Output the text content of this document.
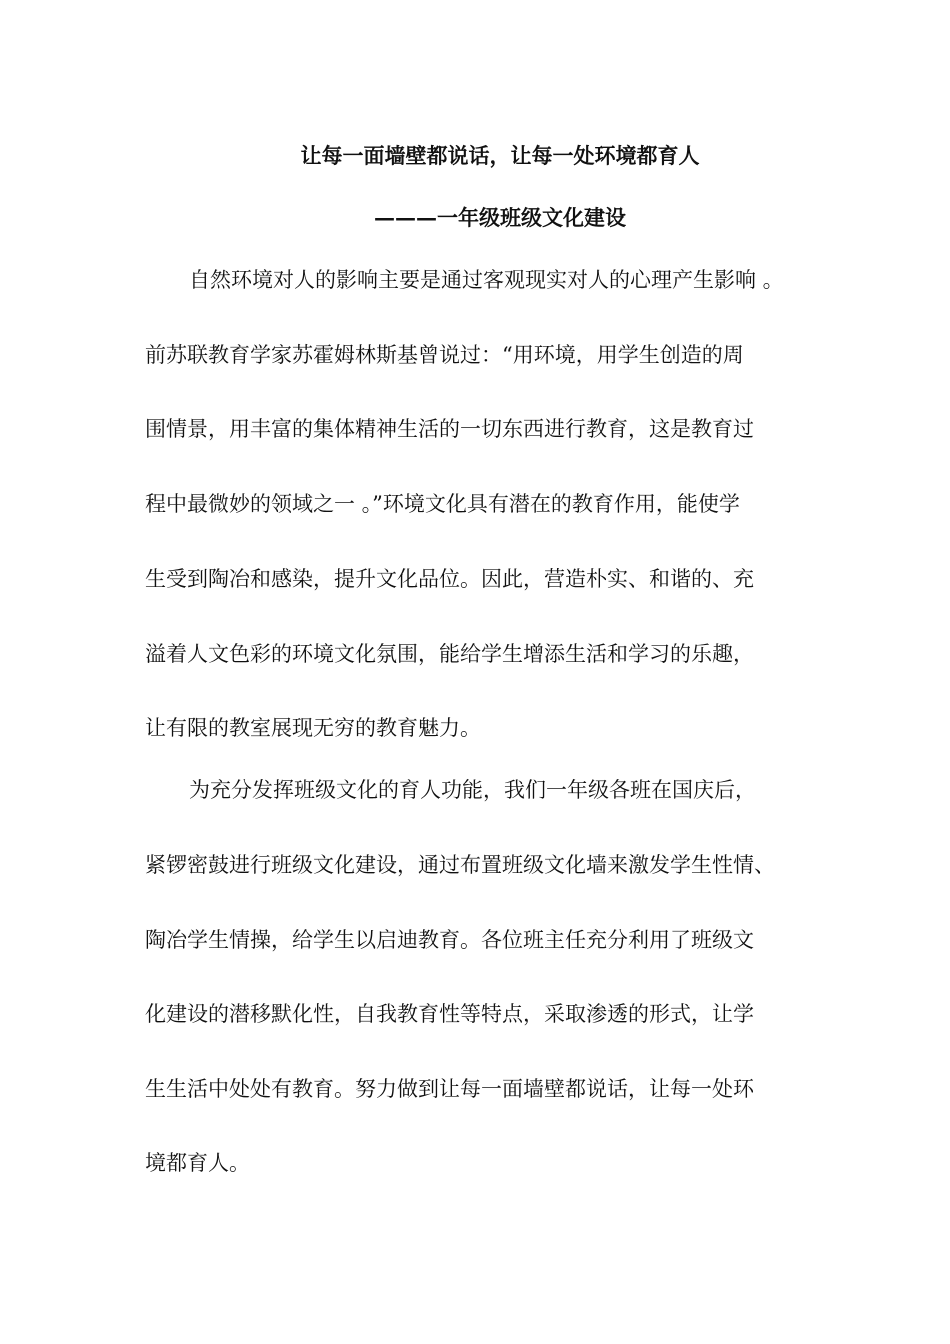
让每一面墙壁都说话，让每一处环境都育人
———一年级班级文化建设

自然环境对人的影响主要是通过客观现实对人的心理产生影响 。

前苏联教育学家苏霍姆林斯基曾说过：“用环境，用学生创造的周

围情景，用丰富的集体精神生活的一切东西进行教育，这是教育过

程中最微妙的领域之一 。”环境文化具有潜在的教育作用，能使学

生受到陶冶和感染，提升文化品位。因此，营造朴实、和谐的、充

溢着人文色彩的环境文化氛围，能给学生增添生活和学习的乐趣，

让有限的教室展现无穷的教育魅力。

为充分发挥班级文化的育人功能，我们一年级各班在国庆后，

紧锣密鼓进行班级文化建设，通过布置班级文化墙来激发学生性情、

陶冶学生情操，给学生以启迪教育。各位班主任充分利用了班级文

化建设的潜移默化性，自我教育性等特点，采取渗透的形式，让学

生生活中处处有教育。努力做到让每一面墙壁都说话，让每一处环

境都育人。
